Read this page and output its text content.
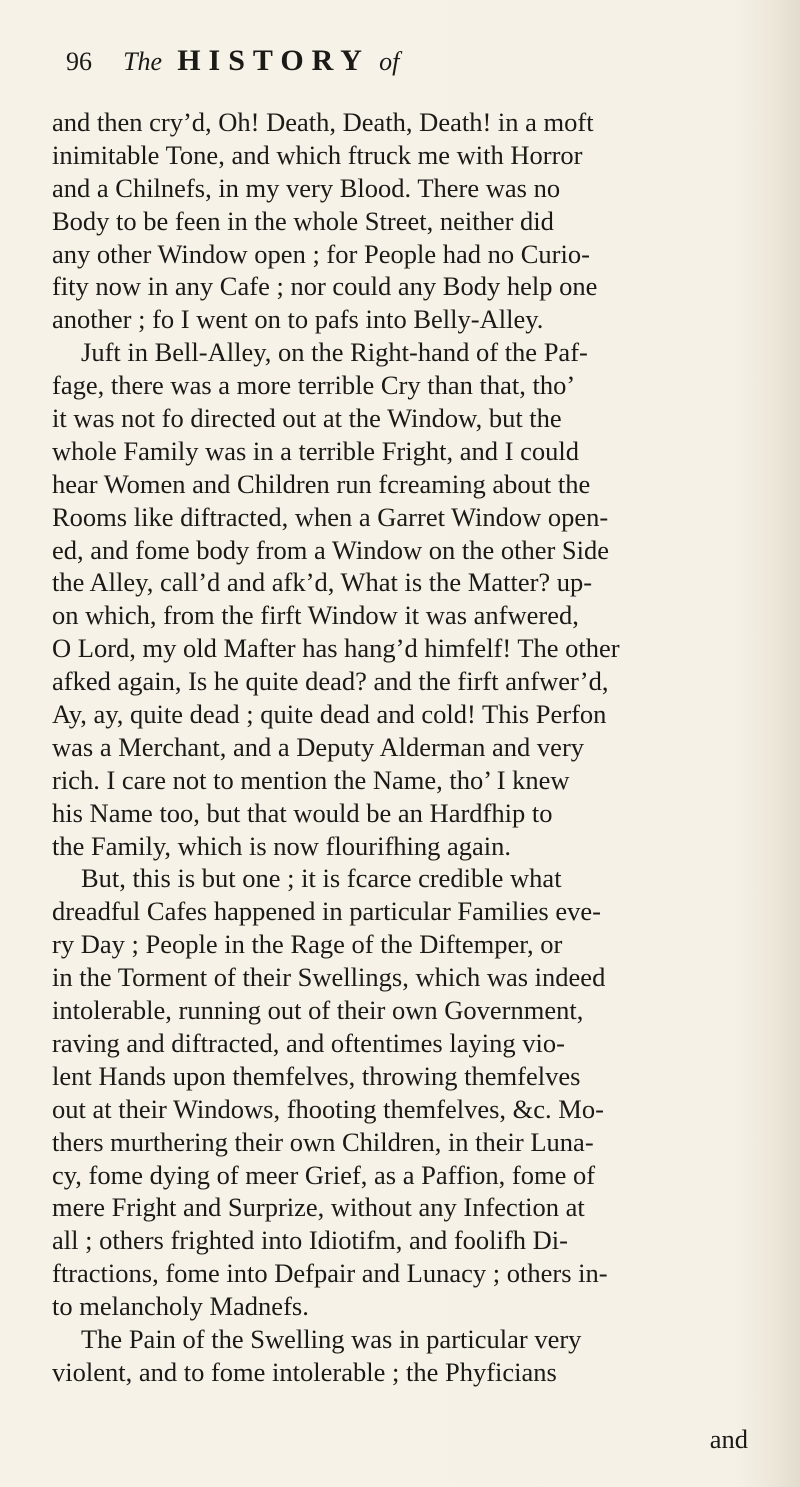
96 The HISTORY of
and then cry’d, Oh! Death, Death, Death! in a moft
inimitable Tone, and which ftruck me with Horror
and a Chilnefs, in my very Blood. There was no
Body to be feen in the whole Street, neither did
any other Window open ; for People had no Curio-
fity now in any Cafe ; nor could any Body help one
another ; fo I went on to pafs into Belly-Alley.
Juft in Bell-Alley, on the Right-hand of the Paf-
fage, there was a more terrible Cry than that, tho’
it was not fo directed out at the Window, but the
whole Family was in a terrible Fright, and I could
hear Women and Children run fcreaming about the
Rooms like diftracted, when a Garret Window open-
ed, and fome body from a Window on the other Side
the Alley, call’d and afk’d, What is the Matter? up-
on which, from the firft Window it was anfwered,
O Lord, my old Mafter has hang’d himfelf! The other
afked again, Is he quite dead? and the firft anfwer’d,
Ay, ay, quite dead ; quite dead and cold! This Perfon
was a Merchant, and a Deputy Alderman and very
rich. I care not to mention the Name, tho’ I knew
his Name too, but that would be an Hardfhip to
the Family, which is now flourifhing again.
But, this is but one ; it is fcarce credible what
dreadful Cafes happened in particular Families eve-
ry Day ; People in the Rage of the Diftemper, or
in the Torment of their Swellings, which was indeed
intolerable, running out of their own Government,
raving and diftracted, and oftentimes laying vio-
lent Hands upon themfelves, throwing themfelves
out at their Windows, fhooting themfelves, &c. Mo-
thers murthering their own Children, in their Luna-
cy, fome dying of meer Grief, as a Paffion, fome of
mere Fright and Surprize, without any Infection at
all ; others frighted into Idiotifm, and foolifh Di-
ftractions, fome into Defpair and Lunacy ; others in-
to melancholy Madnefs.
The Pain of the Swelling was in particular very
violent, and to fome intolerable ; the Phyficians
and
